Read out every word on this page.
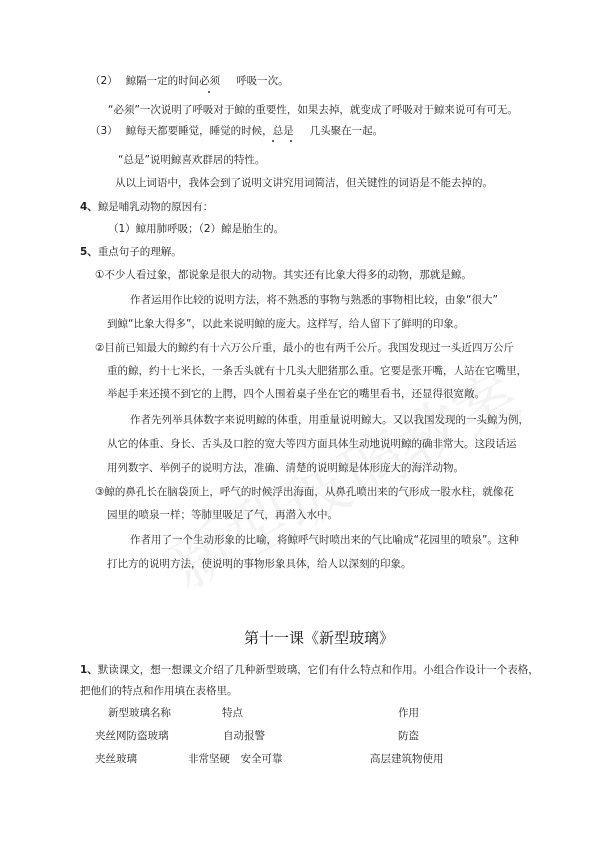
（2） 鲸隔一定的时间必须 呼吸一次。
“必须”一次说明了呼吸对于鲸的重要性，如果去掉，就变成了呼吸对于鲸来说可有可无。
（3） 鲸每天都要睡觉，睡觉的时候，总是 几头聚在一起。
“总是”说明鲸喜欢群居的特性。
从以上词语中，我体会到了说明文讲究用词简洁，但关键性的词语是不能去掉的。
4、鲸是哺乳动物的原因有：
（1）鲸用肺呼吸；（2）鲸是胎生的。
5、重点句子的理解。
①不少人看过象，都说象是很大的动物。其实还有比象大得多的动物，那就是鲸。
作者运用作比较的说明方法，将不熟悉的事物与熟悉的事物相比较，由象“很大”
到鲸“比象大得多”，以此来说明鲸的庞大。这样写，给人留下了鲜明的印象。
②目前已知最大的鲸约有十六万公斤重，最小的也有两千公斤。我国发现过一头近四万公斤
重的鲸，约十七米长，一条舌头就有十几头大肥猪那么重。它要是张开嘴，人站在它嘴里，
举起手来还摸不到它的上腭，四个人围着桌子坐在它的嘴里看书，还显得很宽敞。
作者先列举具体数字来说明鲸的体重，用重量说明鲸大。又以我国发现的一头鲸为例，
从它的体重、身长、舌头及口腔的宽大等四方面具体生动地说明鲸的确非常大。这段话运
用列数字、举例子的说明方法，准确、清楚的说明鲸是体形庞大的海洋动物。
③鲸的鼻孔长在脑袋顶上，呼气的时候浮出海面，从鼻孔喷出来的气形成一股水柱，就像花
园里的喷泉一样；等肺里吸足了气，再潜入水中。
作者用了一个生动形象的比喻，将鲸呼气时喷出来的气比喻成“花园里的喷泉”。这种
打比方的说明方法，使说明的事物形象具体，给人以深刻的印象。
第十一课《新型玻璃》
1、默读课文，想一想课文介绍了几种新型玻璃，它们有什么特点和作用。小组合作设计一个表格，
把他们的特点和作用填在表格里。
新型玻璃名称	特点	作用
夹丝网防盗玻璃	自动报警	防盗
夹丝玻璃	非常坚硬　安全可靠	高层建筑物使用
